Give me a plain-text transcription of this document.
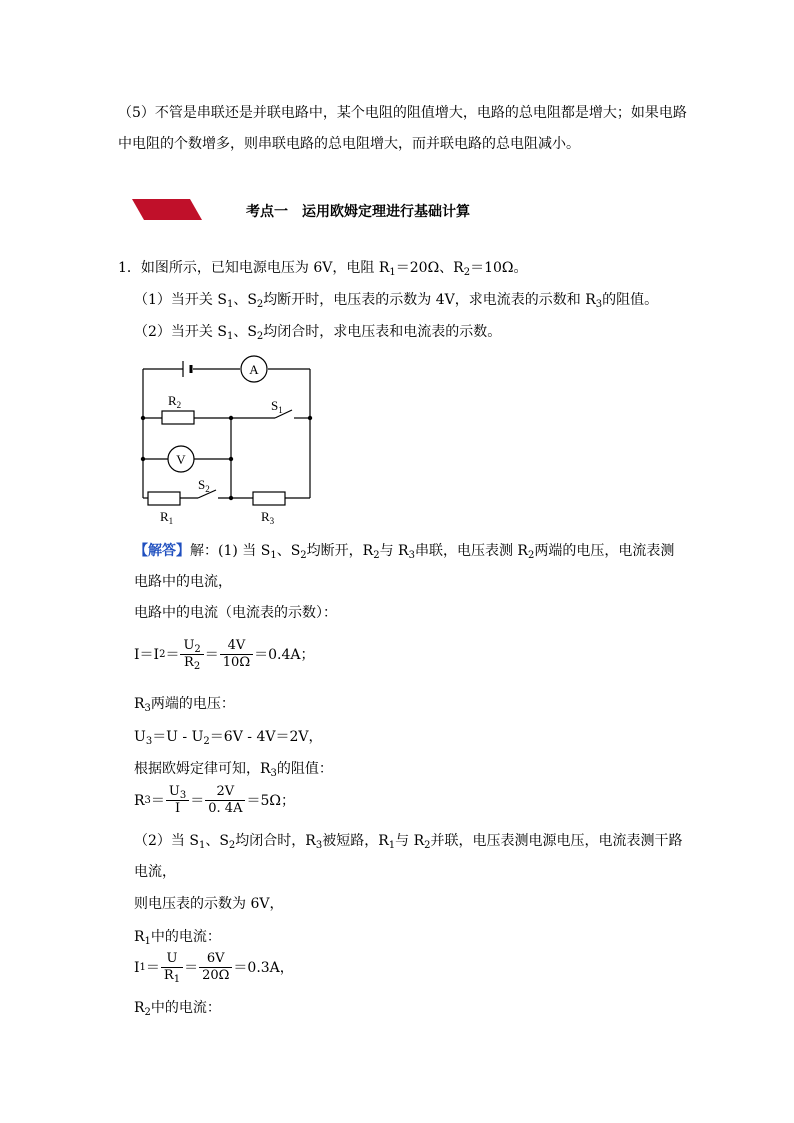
（5）不管是串联还是并联电路中，某个电阻的阻值增大，电路的总电阻都是增大；如果电路
中电阻的个数增多，则串联电路的总电阻增大，而并联电路的总电阻减小。
考点一　运用欧姆定理进行基础计算
1．如图所示，已知电源电压为 6V，电阻 $R_1=20\Omega$、$R_2=10\Omega$。
（1）当开关 $S_1$、$S_2$均断开时，电压表的示数为 4V，求电流表的示数和 $R_3$的阻值。
（2）当开关 $S_1$、$S_2$均闭合时，求电压表和电流表的示数。
A
$R_2$	$S_1$
V
$R_1$
$S_2$
$R_3$
【解答】解：(1) 当 $S_1$、$S_2$均断开，$R_2$与 $R_3$串联，电压表测 $R_2$两端的电压，电流表测
电路中的电流，
电路中的电流（电流表的示数）：
I＝I $2 = \frac{U_2}{R_2} = \frac{4V}{10\Omega} =0.4A$；
$R_3$两端的电压：
$U_3=U - U_2=6V - 4V=2V$，
根据欧姆定律可知，$R_3$的阻值：
R $3 = \frac{U_3}{I} = \frac{2V}{0. 4A} =5\Omega$；
（2）当 $S_1$、$S_2$均闭合时，$R_3$被短路，$R_1$与 $R_2$并联，电压表测电源电压，电流表测干路
电流，
则电压表的示数为 6V，
$R_1$中的电流：
I $1 = \frac{U}{R_1} = \frac{6V}{20\Omega} =0.3A$，
$R_2$中的电流：
